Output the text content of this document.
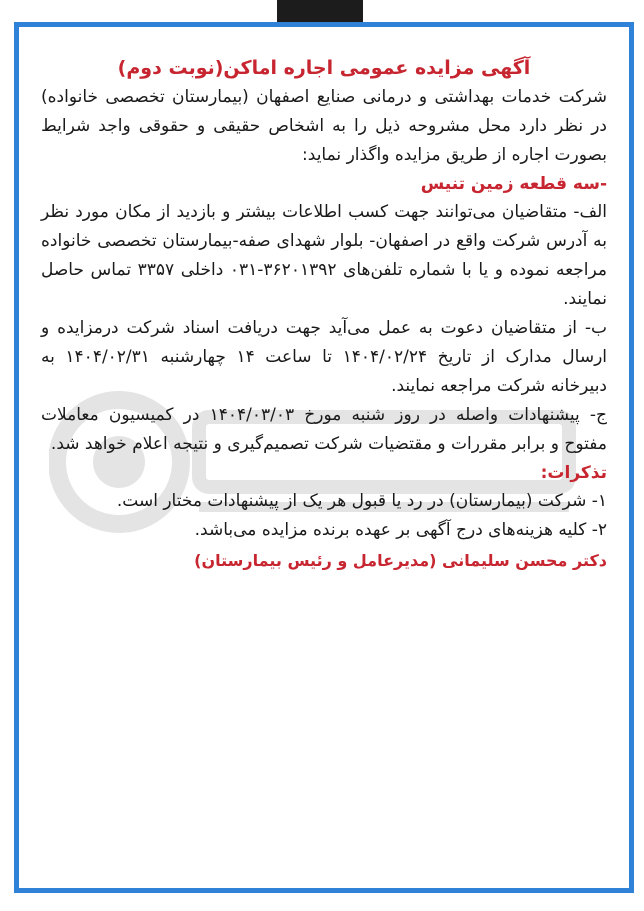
آگهی مزایده عمومی اجاره اماکن(نوبت دوم)

شرکت خدمات بهداشتی و درمانی صنایع اصفهان (بیمارستان تخصصی خانواده) در نظر دارد محل مشروحه ذیل را به اشخاص حقیقی و حقوقی واجد شرایط بصورت اجاره از طریق مزایده واگذار نماید:

-سه قطعه زمین تنیس

الف- متقاضیان می‌توانند جهت کسب اطلاعات بیشتر و بازدید از مکان مورد نظر به آدرس شرکت واقع در اصفهان- بلوار شهدای صفه-بیمارستان تخصصی خانواده مراجعه نموده و یا با شماره تلفن‌های ۳۶۲۰۱۳۹۲-۰۳۱ داخلی ۳۳۵۷ تماس حاصل نمایند.

ب- از متقاضیان دعوت به عمل می‌آید جهت دریافت اسناد شرکت درمزایده و ارسال مدارک از تاریخ ۱۴۰۴/۰۲/۲۴ تا ساعت ۱۴ چهارشنبه ۱۴۰۴/۰۲/۳۱ به دبیرخانه شرکت مراجعه نمایند.

ج- پیشنهادات واصله در روز شنبه مورخ ۱۴۰۴/۰۳/۰۳ در کمیسیون معاملات مفتوح و برابر مقررات و مقتضیات شرکت تصمیم‌گیری و نتیجه اعلام خواهد شد.

تذکرات:

۱- شرکت (بیمارستان) در رد یا قبول هر یک از پیشنهادات مختار است.

۲- کلیه هزینه‌های درج آگهی بر عهده برنده مزایده می‌باشد.

دکتر محسن سلیمانی (مدیرعامل و رئیس بیمارستان)
